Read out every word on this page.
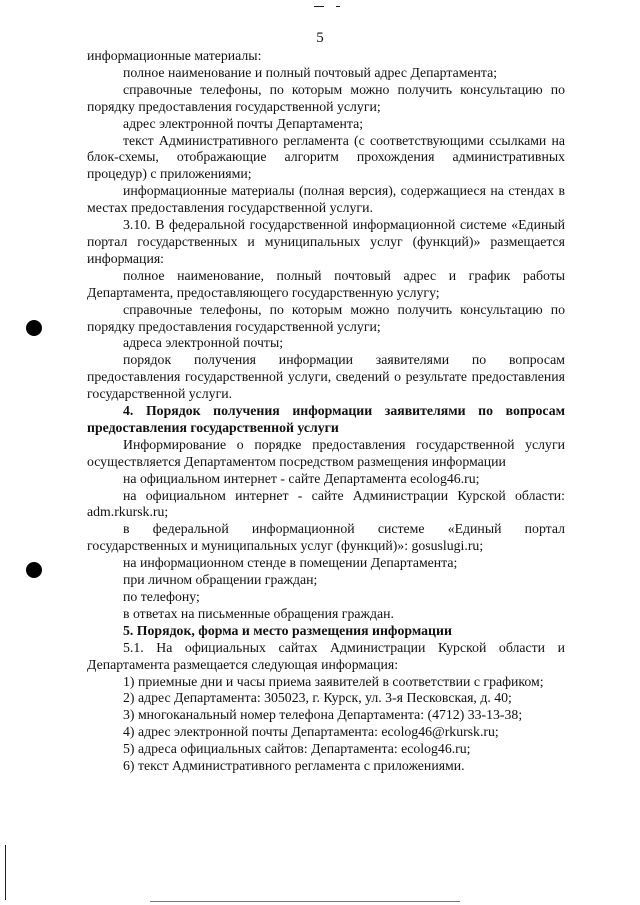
5

информационные материалы:

полное наименование и полный почтовый адрес Департамента;

справочные телефоны, по которым можно получить консультацию по порядку предоставления государственной услуги;

адрес электронной почты Департамента;

текст Административного регламента (с соответствующими ссылками на блок-схемы, отображающие алгоритм прохождения административных процедур) с приложениями;

информационные материалы (полная версия), содержащиеся на стендах в местах предоставления государственной услуги.

3.10. В федеральной государственной информационной системе «Единый портал государственных и муниципальных услуг (функций)» размещается информация:

полное наименование, полный почтовый адрес и график работы Департамента, предоставляющего государственную услугу;

справочные телефоны, по которым можно получить консультацию по порядку предоставления государственной услуги;

адреса электронной почты;

порядок получения информации заявителями по вопросам предоставления государственной услуги, сведений о результате предоставления государственной услуги.

4. Порядок получения информации заявителями по вопросам предоставления государственной услуги

Информирование о порядке предоставления государственной услуги осуществляется Департаментом посредством размещения информации

на официальном интернет - сайте Департамента ecolog46.ru;

на официальном интернет - сайте Администрации Курской области: adm.rkursk.ru;

в федеральной информационной системе «Единый портал государственных и муниципальных услуг (функций)»: gosuslugi.ru;

на информационном стенде в помещении Департамента;

при личном обращении граждан;

по телефону;

в ответах на письменные обращения граждан.

5. Порядок, форма и место размещения информации

5.1. На официальных сайтах Администрации Курской области и Департамента размещается следующая информация:

1) приемные дни и часы приема заявителей в соответствии с графиком;

2) адрес Департамента: 305023, г. Курск, ул. 3-я Песковская, д. 40;

3) многоканальный номер телефона Департамента: (4712) 33-13-38;

4) адрес электронной почты Департамента: ecolog46@rkursk.ru;

5) адреса официальных сайтов: Департамента: ecolog46.ru;

6) текст Административного регламента с приложениями.
